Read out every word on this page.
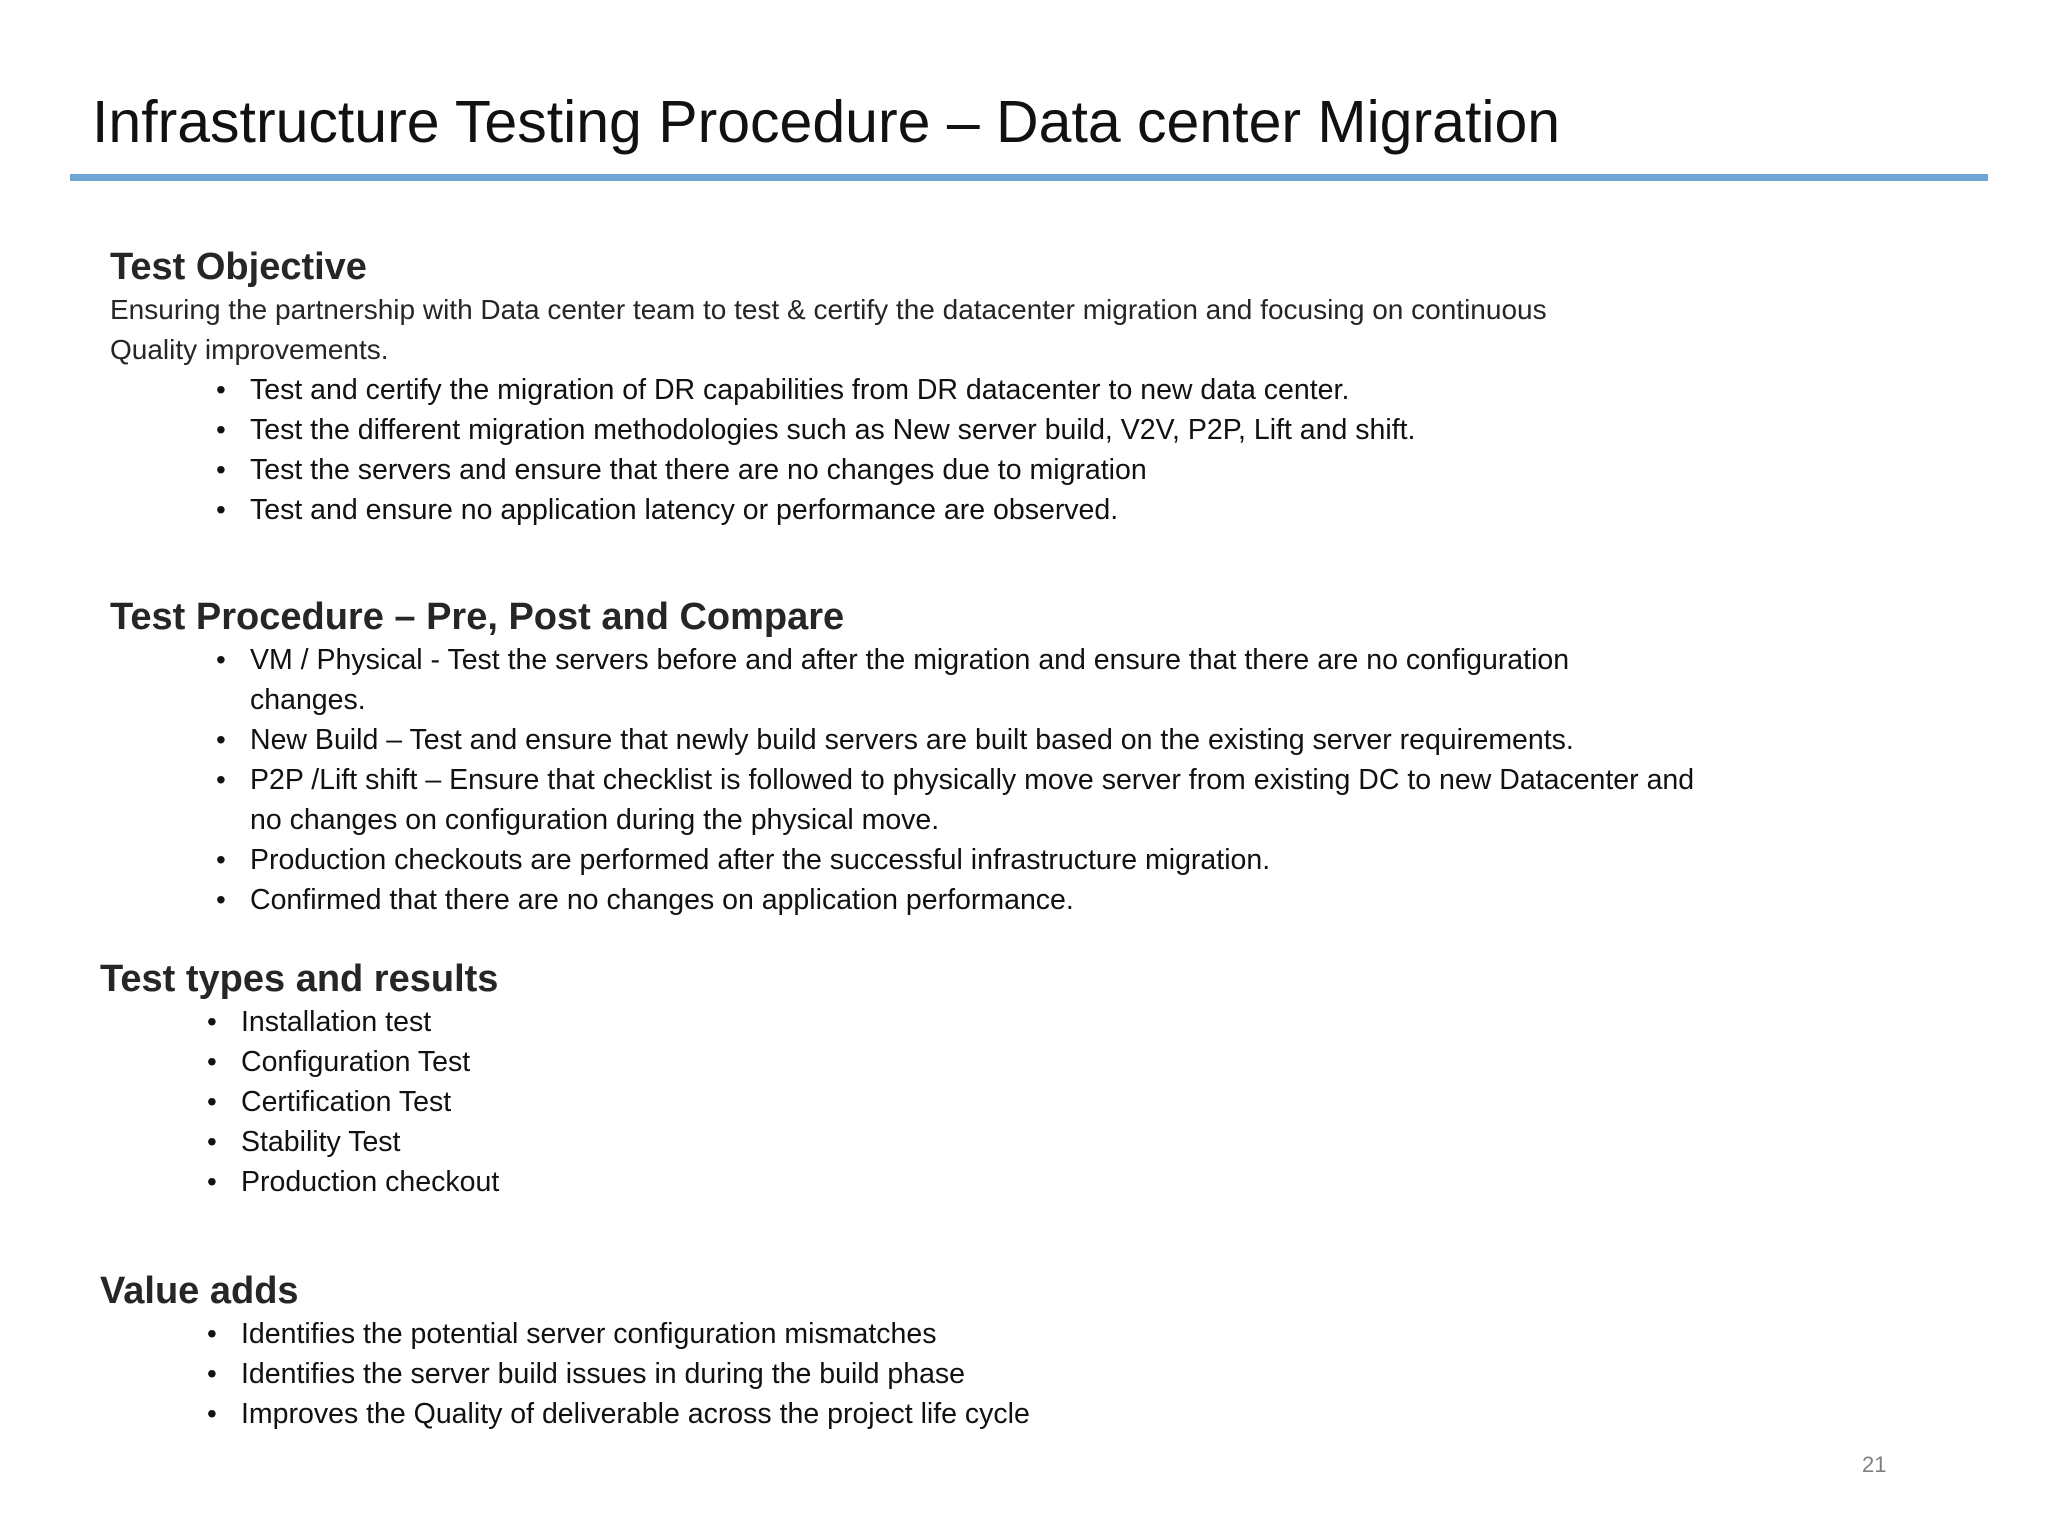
Infrastructure Testing Procedure – Data center Migration
Test Objective
Ensuring the partnership with Data center team to test & certify the datacenter migration and focusing on continuous
Quality improvements.
• Test and certify the migration of DR capabilities from DR datacenter to new data center.
• Test the different migration methodologies such as New server build, V2V, P2P, Lift and shift.
• Test the servers and ensure that there are no changes due to migration
• Test and ensure no application latency or performance are observed.
Test Procedure – Pre, Post and Compare
• VM / Physical - Test the servers before and after the migration and ensure that there are no configuration
changes.
• New Build – Test and ensure that newly build servers are built based on the existing server requirements.
• P2P /Lift shift – Ensure that checklist is followed to physically move server from existing DC to new Datacenter and
no changes on configuration during the physical move.
• Production checkouts are performed after the successful infrastructure migration.
• Confirmed that there are no changes on application performance.
Test types and results
• Installation test
• Configuration Test
• Certification Test
• Stability Test
• Production checkout
Value adds
• Identifies the potential server configuration mismatches
• Identifies the server build issues in during the build phase
• Improves the Quality of deliverable across the project life cycle
21
